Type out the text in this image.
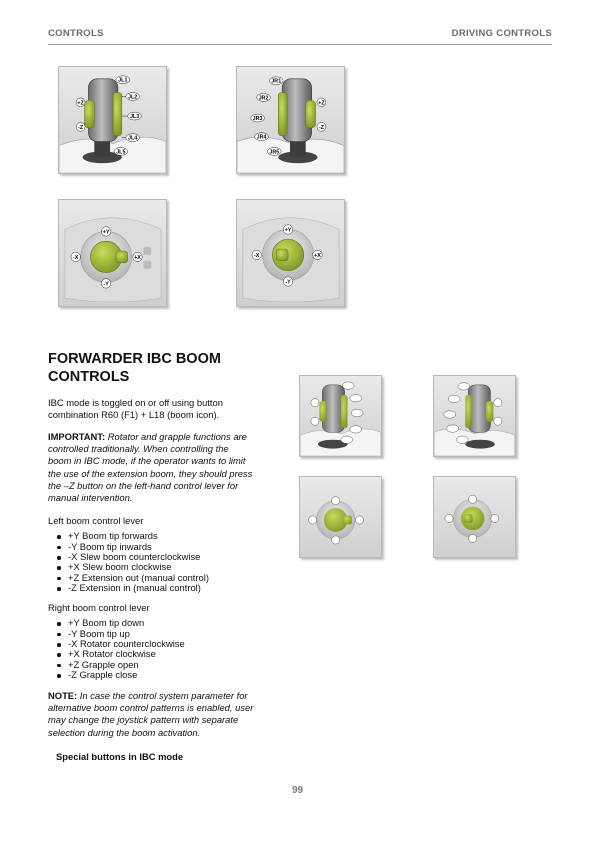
CONTROLS	DRIVING CONTROLS
JL1
JL2
JL3
JL4
JL5
+Z
-Z
JR1
JR2
JR3
JR4
JR5
+Z
-Z
+Y
-Y
-X	+X
+Y
-Y
-X	+X
FORWARDER IBC BOOM
CONTROLS

IBC mode is toggled on or off using button
combination R60 (F1) + L18 (boom icon).

IMPORTANT: Rotator and grapple functions are
controlled traditionally. When controlling the
boom in IBC mode, if the operator wants to limit
the use of the extension boom, they should press
the –Z button on the left-hand control lever for
manual intervention.

Left boom control lever

+Y Boom tip forwards
-Y Boom tip inwards
-X Slew boom counterclockwise
+X Slew boom clockwise
+Z Extension out (manual control)
-Z Extension in (manual control)

Right boom control lever

+Y Boom tip down
-Y Boom tip up
-X Rotator counterclockwise
+X Rotator clockwise
+Z Grapple open
-Z Grapple close

NOTE: In case the control system parameter for
alternative boom control patterns is enabled, user
may change the joystick pattern with separate
selection during the boom activation.

Special buttons in IBC mode

99
